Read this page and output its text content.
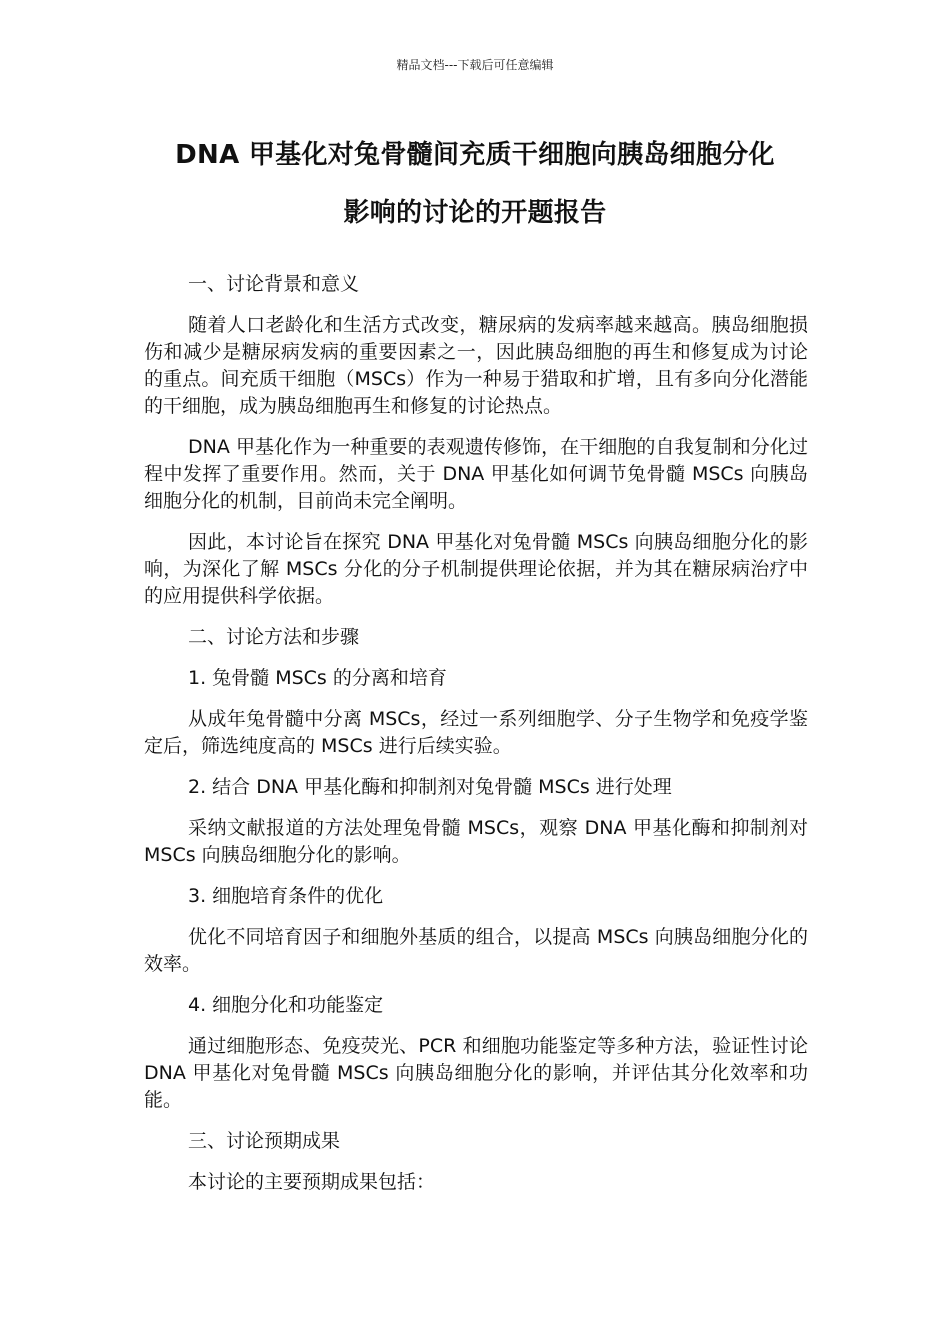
精品文档---下载后可任意编辑
DNA 甲基化对兔骨髓间充质干细胞向胰岛细胞分化
影响的讨论的开题报告

一、讨论背景和意义

随着人口老龄化和生活方式改变，糖尿病的发病率越来越高。胰岛细胞损伤和减少是糖尿病发病的重要因素之一，因此胰岛细胞的再生和修复成为讨论的重点。间充质干细胞（MSCs）作为一种易于猎取和扩增，且有多向分化潜能的干细胞，成为胰岛细胞再生和修复的讨论热点。

DNA 甲基化作为一种重要的表观遗传修饰，在干细胞的自我复制和分化过程中发挥了重要作用。然而，关于 DNA 甲基化如何调节兔骨髓 MSCs 向胰岛细胞分化的机制，目前尚未完全阐明。

因此，本讨论旨在探究 DNA 甲基化对兔骨髓 MSCs 向胰岛细胞分化的影响，为深化了解 MSCs 分化的分子机制提供理论依据，并为其在糖尿病治疗中的应用提供科学依据。

二、讨论方法和步骤

1. 兔骨髓 MSCs 的分离和培育

从成年兔骨髓中分离 MSCs，经过一系列细胞学、分子生物学和免疫学鉴定后，筛选纯度高的 MSCs 进行后续实验。

2. 结合 DNA 甲基化酶和抑制剂对兔骨髓 MSCs 进行处理

采纳文献报道的方法处理兔骨髓 MSCs，观察 DNA 甲基化酶和抑制剂对 MSCs 向胰岛细胞分化的影响。

3. 细胞培育条件的优化

优化不同培育因子和细胞外基质的组合，以提高 MSCs 向胰岛细胞分化的效率。

4. 细胞分化和功能鉴定

通过细胞形态、免疫荧光、PCR 和细胞功能鉴定等多种方法，验证性讨论 DNA 甲基化对兔骨髓 MSCs 向胰岛细胞分化的影响，并评估其分化效率和功能。

三、讨论预期成果

本讨论的主要预期成果包括：
